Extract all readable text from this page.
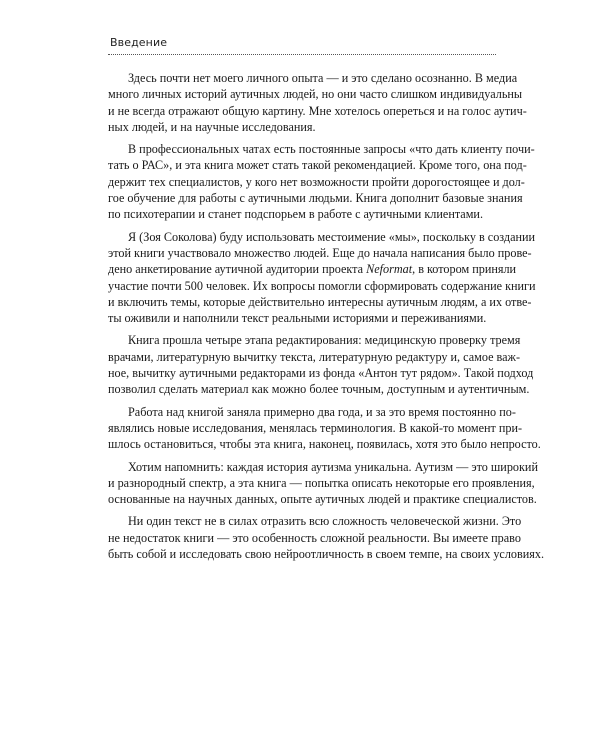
Введение

Здесь почти нет моего личного опыта — и это сделано осознанно. В медиа
много личных историй аутичных людей, но они часто слишком индивидуальны
и не всегда отражают общую картину. Мне хотелось опереться и на голос аутич-
ных людей, и на научные исследования.

В профессиональных чатах есть постоянные запросы «что дать клиенту почи-
тать о РАС», и эта книга может стать такой рекомендацией. Кроме того, она под-
держит тех специалистов, у кого нет возможности пройти дорогостоящее и дол-
гое обучение для работы с аутичными людьми. Книга дополнит базовые знания
по психотерапии и станет подспорьем в работе с аутичными клиентами.

Я (Зоя Соколова) буду использовать местоимение «мы», поскольку в создании
этой книги участвовало множество людей. Еще до начала написания было прове-
дено анкетирование аутичной аудитории проекта Neformat, в котором приняли
участие почти 500 человек. Их вопросы помогли сформировать содержание книги
и включить темы, которые действительно интересны аутичным людям, а их отве-
ты оживили и наполнили текст реальными историями и переживаниями.

Книга прошла четыре этапа редактирования: медицинскую проверку тремя
врачами, литературную вычитку текста, литературную редактуру и, самое важ-
ное, вычитку аутичными редакторами из фонда «Антон тут рядом». Такой подход
позволил сделать материал как можно более точным, доступным и аутентичным.

Работа над книгой заняла примерно два года, и за это время постоянно по-
являлись новые исследования, менялась терминология. В какой-то момент при-
шлось остановиться, чтобы эта книга, наконец, появилась, хотя это было непросто.

Хотим напомнить: каждая история аутизма уникальна. Аутизм — это широкий
и разнородный спектр, а эта книга — попытка описать некоторые его проявления,
основанные на научных данных, опыте аутичных людей и практике специалистов.

Ни один текст не в силах отразить всю сложность человеческой жизни. Это
не недостаток книги — это особенность сложной реальности. Вы имеете право
быть собой и исследовать свою нейроотличность в своем темпе, на своих условиях.
